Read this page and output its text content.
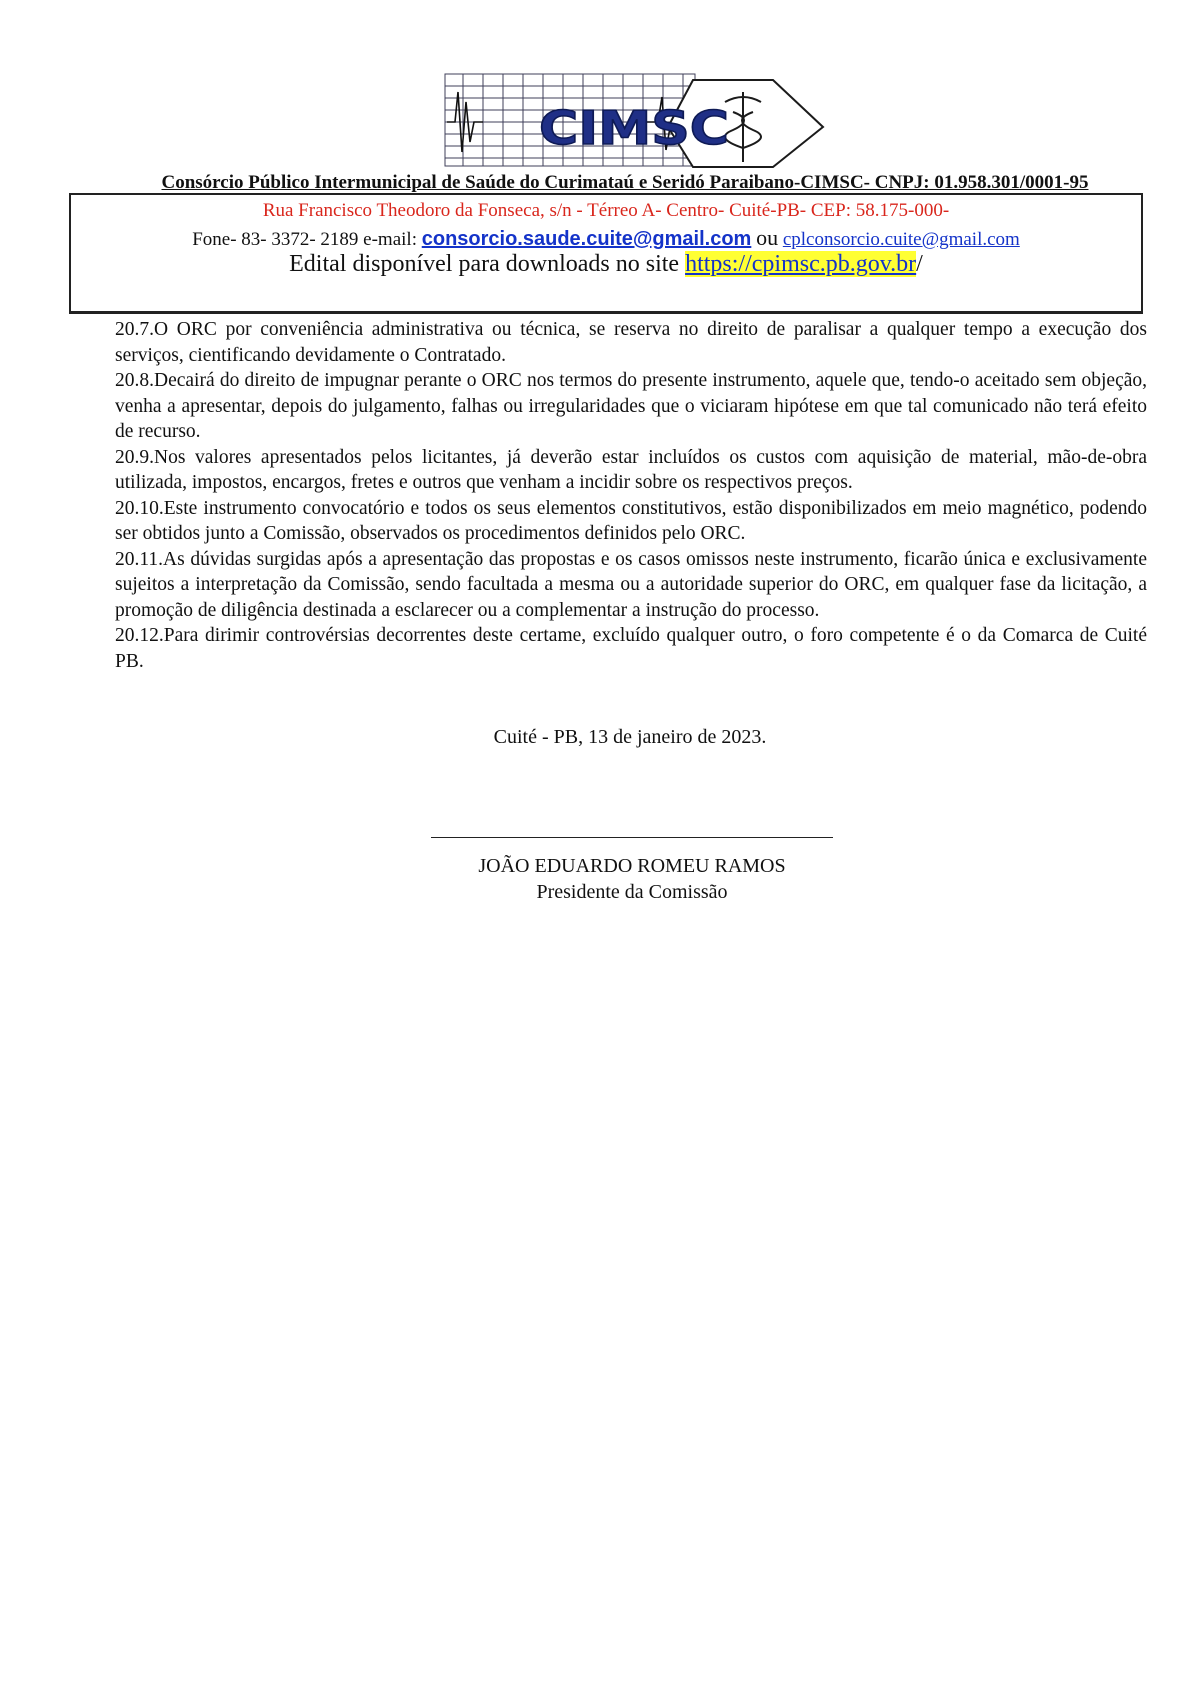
CIMSC
Consórcio Público Intermunicipal de Saúde do Curimataú e Seridó Paraibano-CIMSC- CNPJ: 01.958.301/0001-95
Rua Francisco Theodoro da Fonseca, s/n - Térreo A- Centro- Cuité-PB- CEP: 58.175-000-
Fone- 83- 3372- 2189 e-mail: consorcio.saude.cuite@gmail.com ou cplconsorcio.cuite@gmail.com
Edital disponível para downloads no site https://cpimsc.pb.gov.br/

20.7.O ORC por conveniência administrativa ou técnica, se reserva no direito de paralisar a qualquer tempo a execução dos serviços, cientificando devidamente o Contratado.

20.8.Decairá do direito de impugnar perante o ORC nos termos do presente instrumento, aquele que, tendo-o aceitado sem objeção, venha a apresentar, depois do julgamento, falhas ou irregularidades que o viciaram hipótese em que tal comunicado não terá efeito de recurso.

20.9.Nos valores apresentados pelos licitantes, já deverão estar incluídos os custos com aquisição de material, mão-de-obra utilizada, impostos, encargos, fretes e outros que venham a incidir sobre os respectivos preços.

20.10.Este instrumento convocatório e todos os seus elementos constitutivos, estão disponibilizados em meio magnético, podendo ser obtidos junto a Comissão, observados os procedimentos definidos pelo ORC.

20.11.As dúvidas surgidas após a apresentação das propostas e os casos omissos neste instrumento, ficarão única e exclusivamente sujeitos a interpretação da Comissão, sendo facultada a mesma ou a autoridade superior do ORC, em qualquer fase da licitação, a promoção de diligência destinada a esclarecer ou a complementar a instrução do processo.

20.12.Para dirimir controvérsias decorrentes deste certame, excluído qualquer outro, o foro competente é o da Comarca de Cuité PB.

Cuité - PB, 13 de janeiro de 2023.
JOÃO EDUARDO ROMEU RAMOS
Presidente da Comissão
